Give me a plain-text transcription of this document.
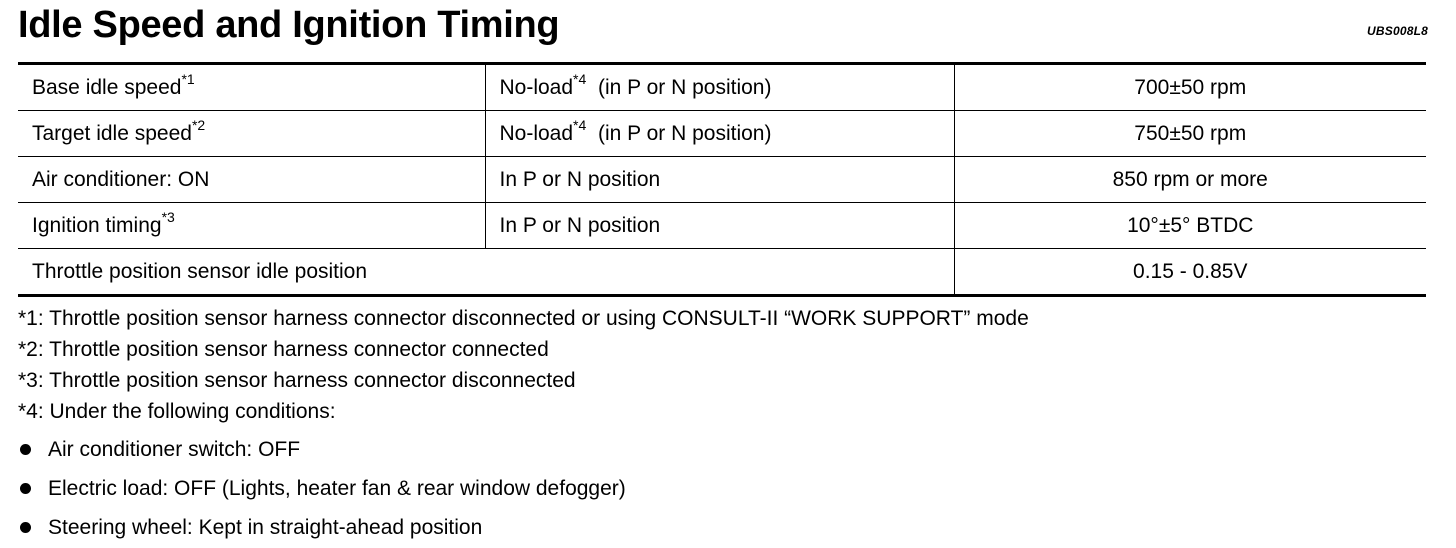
Idle Speed and Ignition Timing	UBS008L8
Base idle speed$^{*1}$	No-load$^{*4}$  (in P or N position)	700±50 rpm
Target idle speed$^{*2}$	No-load$^{*4}$  (in P or N position)	750±50 rpm
Air conditioner: ON	In P or N position	850 rpm or more
Ignition timing$^{*3}$	In P or N position	10°±5° BTDC
Throttle position sensor idle position		0.15 - 0.85V
*1: Throttle position sensor harness connector disconnected or using CONSULT-II “WORK SUPPORT” mode
*2: Throttle position sensor harness connector connected
*3: Throttle position sensor harness connector disconnected
*4: Under the following conditions:
Air conditioner switch: OFF
Electric load: OFF (Lights, heater fan & rear window defogger)
Steering wheel: Kept in straight-ahead position
